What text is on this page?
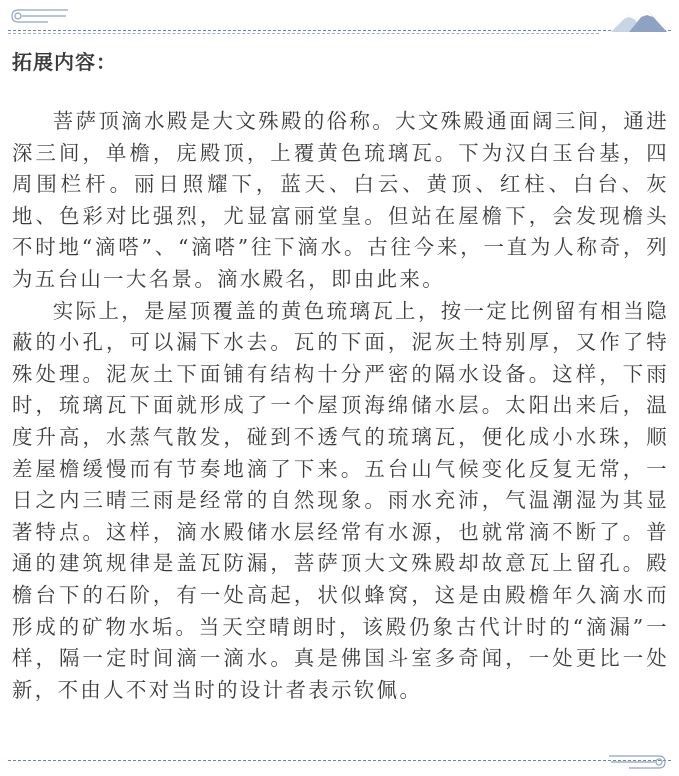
拓展内容：

菩萨顶滴水殿是大文殊殿的俗称。大文殊殿通面阔三间，通进深三间，单檐，庑殿顶，上覆黄色琉璃瓦。下为汉白玉台基，四周围栏杆。丽日照耀下，蓝天、白云、黄顶、红柱、白台、灰地、色彩对比强烈，尤显富丽堂皇。但站在屋檐下，会发现檐头不时地“滴嗒”、“滴嗒”往下滴水。古往今来，一直为人称奇，列为五台山一大名景。滴水殿名，即由此来。

实际上，是屋顶覆盖的黄色琉璃瓦上，按一定比例留有相当隐蔽的小孔，可以漏下水去。瓦的下面，泥灰土特别厚，又作了特殊处理。泥灰土下面铺有结构十分严密的隔水设备。这样，下雨时，琉璃瓦下面就形成了一个屋顶海绵储水层。太阳出来后，温度升高，水蒸气散发，碰到不透气的琉璃瓦，便化成小水珠，顺差屋檐缓慢而有节奏地滴了下来。五台山气候变化反复无常，一日之内三晴三雨是经常的自然现象。雨水充沛，气温潮湿为其显著特点。这样，滴水殿储水层经常有水源，也就常滴不断了。普通的建筑规律是盖瓦防漏，菩萨顶大文殊殿却故意瓦上留孔。殿檐台下的石阶，有一处高起，状似蜂窝，这是由殿檐年久滴水而形成的矿物水垢。当天空晴朗时，该殿仍象古代计时的“滴漏”一样，隔一定时间滴一滴水。真是佛国斗室多奇闻，一处更比一处新，不由人不对当时的设计者表示钦佩。
